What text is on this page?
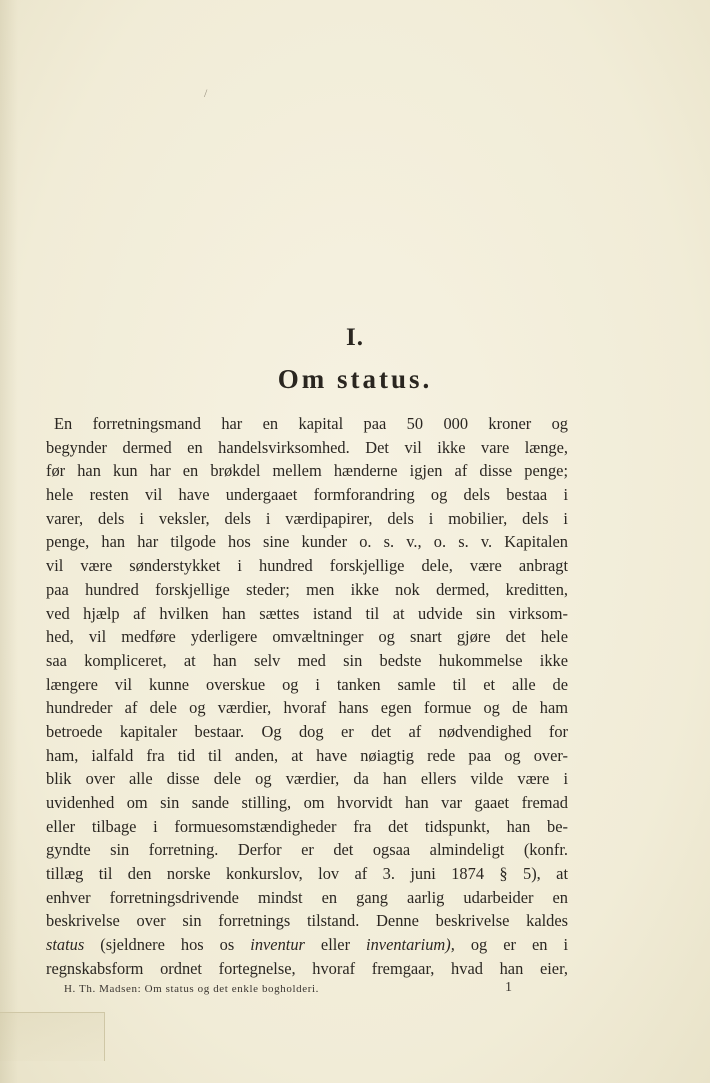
/
I.
Om status.
En forretningsmand har en kapital paa 50 000 kroner og
begynder dermed en handelsvirksomhed. Det vil ikke vare længe,
før han kun har en brøkdel mellem hænderne igjen af disse penge;
hele resten vil have undergaaet formforandring og dels bestaa i
varer, dels i veksler, dels i værdipapirer, dels i mobilier, dels i
penge, han har tilgode hos sine kunder o. s. v., o. s. v. Kapitalen
vil være sønderstykket i hundred forskjellige dele, være anbragt
paa hundred forskjellige steder; men ikke nok dermed, kreditten,
ved hjælp af hvilken han sættes istand til at udvide sin virksom-
hed, vil medføre yderligere omvæltninger og snart gjøre det hele
saa kompliceret, at han selv med sin bedste hukommelse ikke
længere vil kunne overskue og i tanken samle til et alle de
hundreder af dele og værdier, hvoraf hans egen formue og de ham
betroede kapitaler bestaar. Og dog er det af nødvendighed for
ham, ialfald fra tid til anden, at have nøiagtig rede paa og over-
blik over alle disse dele og værdier, da han ellers vilde være i
uvidenhed om sin sande stilling, om hvorvidt han var gaaet fremad
eller tilbage i formuesomstændigheder fra det tidspunkt, han be-
gyndte sin forretning. Derfor er det ogsaa almindeligt (konfr.
tillæg til den norske konkurslov, lov af 3. juni 1874 § 5), at
enhver forretningsdrivende mindst en gang aarlig udarbeider en
beskrivelse over sin forretnings tilstand. Denne beskrivelse kaldes
status (sjeldnere hos os inventur eller inventarium), og er en i
regnskabsform ordnet fortegnelse, hvoraf fremgaar, hvad han eier,
H. Th. Madsen: Om status og det enkle bogholderi.	1
